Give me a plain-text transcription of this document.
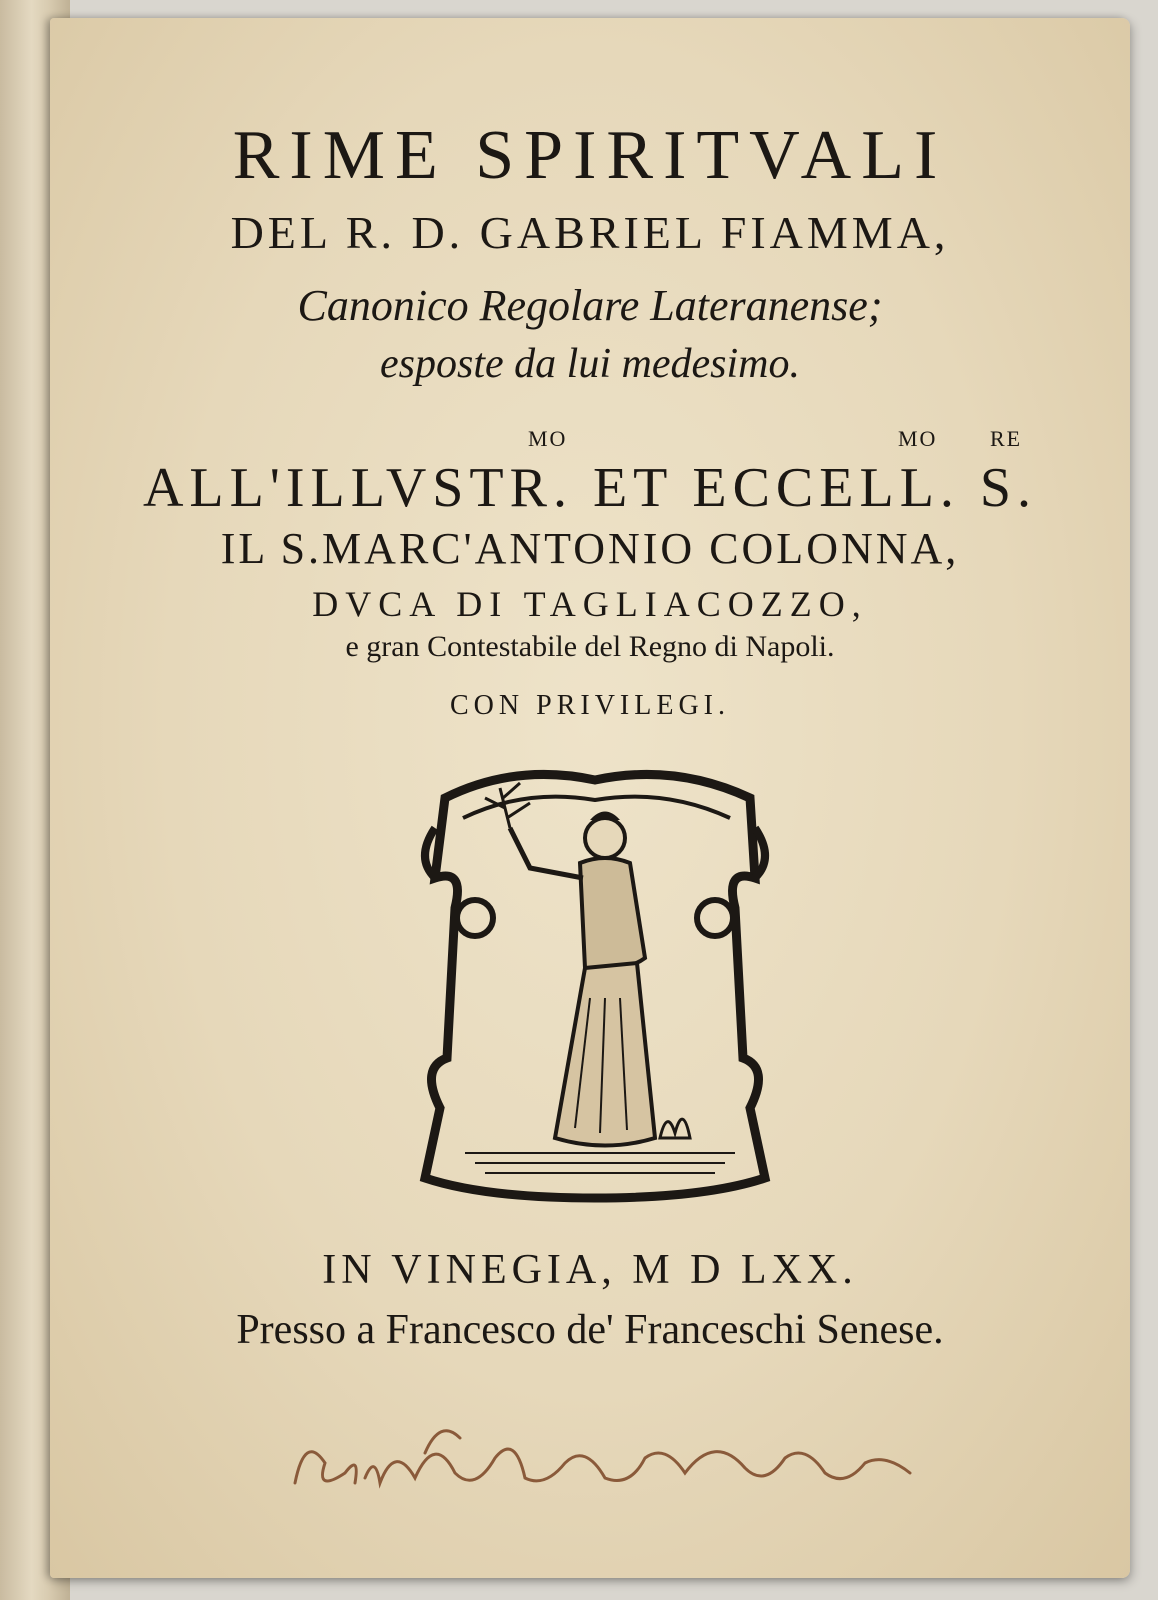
RIME SPIRITVALI
DEL R. D. GABRIEL FIAMMA,
Canonico Regolare Lateranense;
esposte da lui medesimo.
MO	MO RE
ALL'ILLVSTR. ET ECCELL. S.
IL S.MARC'ANTONIO COLONNA,
DVCA DI TAGLIACOZZO,
e gran Contestabile del Regno di Napoli.
CON PRIVILEGI.
IN VINEGIA, M D LXX.
Presso a Francesco de' Franceschi Senese.
